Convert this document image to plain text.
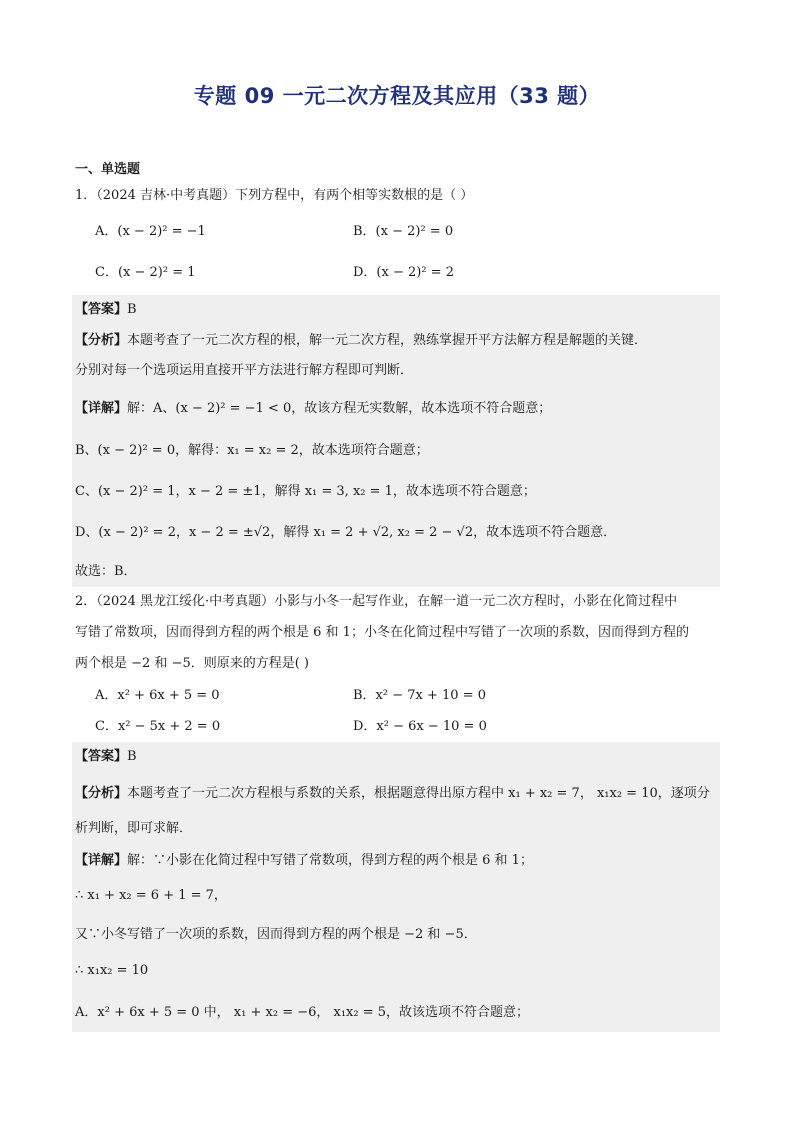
专题 09 一元二次方程及其应用（33 题）
一、单选题
1．（2024 吉林·中考真题）下列方程中，有两个相等实数根的是（ ）
A．(x − 2)² = −1	B．(x − 2)² = 0
C．(x − 2)² = 1	D．(x − 2)² = 2
【答案】B
【分析】本题考查了一元二次方程的根，解一元二次方程，熟练掌握开平方法解方程是解题的关键．
分别对每一个选项运用直接开平方法进行解方程即可判断．
【详解】解：A、(x − 2)² = −1 < 0，故该方程无实数解，故本选项不符合题意；
B、(x − 2)² = 0，解得：x₁ = x₂ = 2，故本选项符合题意；
C、(x − 2)² = 1，x − 2 = ±1，解得 x₁ = 3, x₂ = 1，故本选项不符合题意；
D、(x − 2)² = 2，x − 2 = ±√2，解得 x₁ = 2 + √2, x₂ = 2 − √2，故本选项不符合题意．
故选：B．
2．（2024 黑龙江绥化·中考真题）小影与小冬一起写作业，在解一道一元二次方程时，小影在化简过程中
写错了常数项，因而得到方程的两个根是 6 和 1；小冬在化简过程中写错了一次项的系数，因而得到方程的
两个根是 −2 和 −5．则原来的方程是( )
A．x² + 6x + 5 = 0	B．x² − 7x + 10 = 0
C．x² − 5x + 2 = 0	D．x² − 6x − 10 = 0
【答案】B
【分析】本题考查了一元二次方程根与系数的关系，根据题意得出原方程中 x₁ + x₂ = 7， x₁x₂ = 10，逐项分
析判断，即可求解．
【详解】解：∵小影在化简过程中写错了常数项，得到方程的两个根是 6 和 1；
∴ x₁ + x₂ = 6 + 1 = 7，
又∵小冬写错了一次项的系数，因而得到方程的两个根是 −2 和 −5．
∴ x₁x₂ = 10
A．x² + 6x + 5 = 0 中， x₁ + x₂ = −6， x₁x₂ = 5，故该选项不符合题意；
